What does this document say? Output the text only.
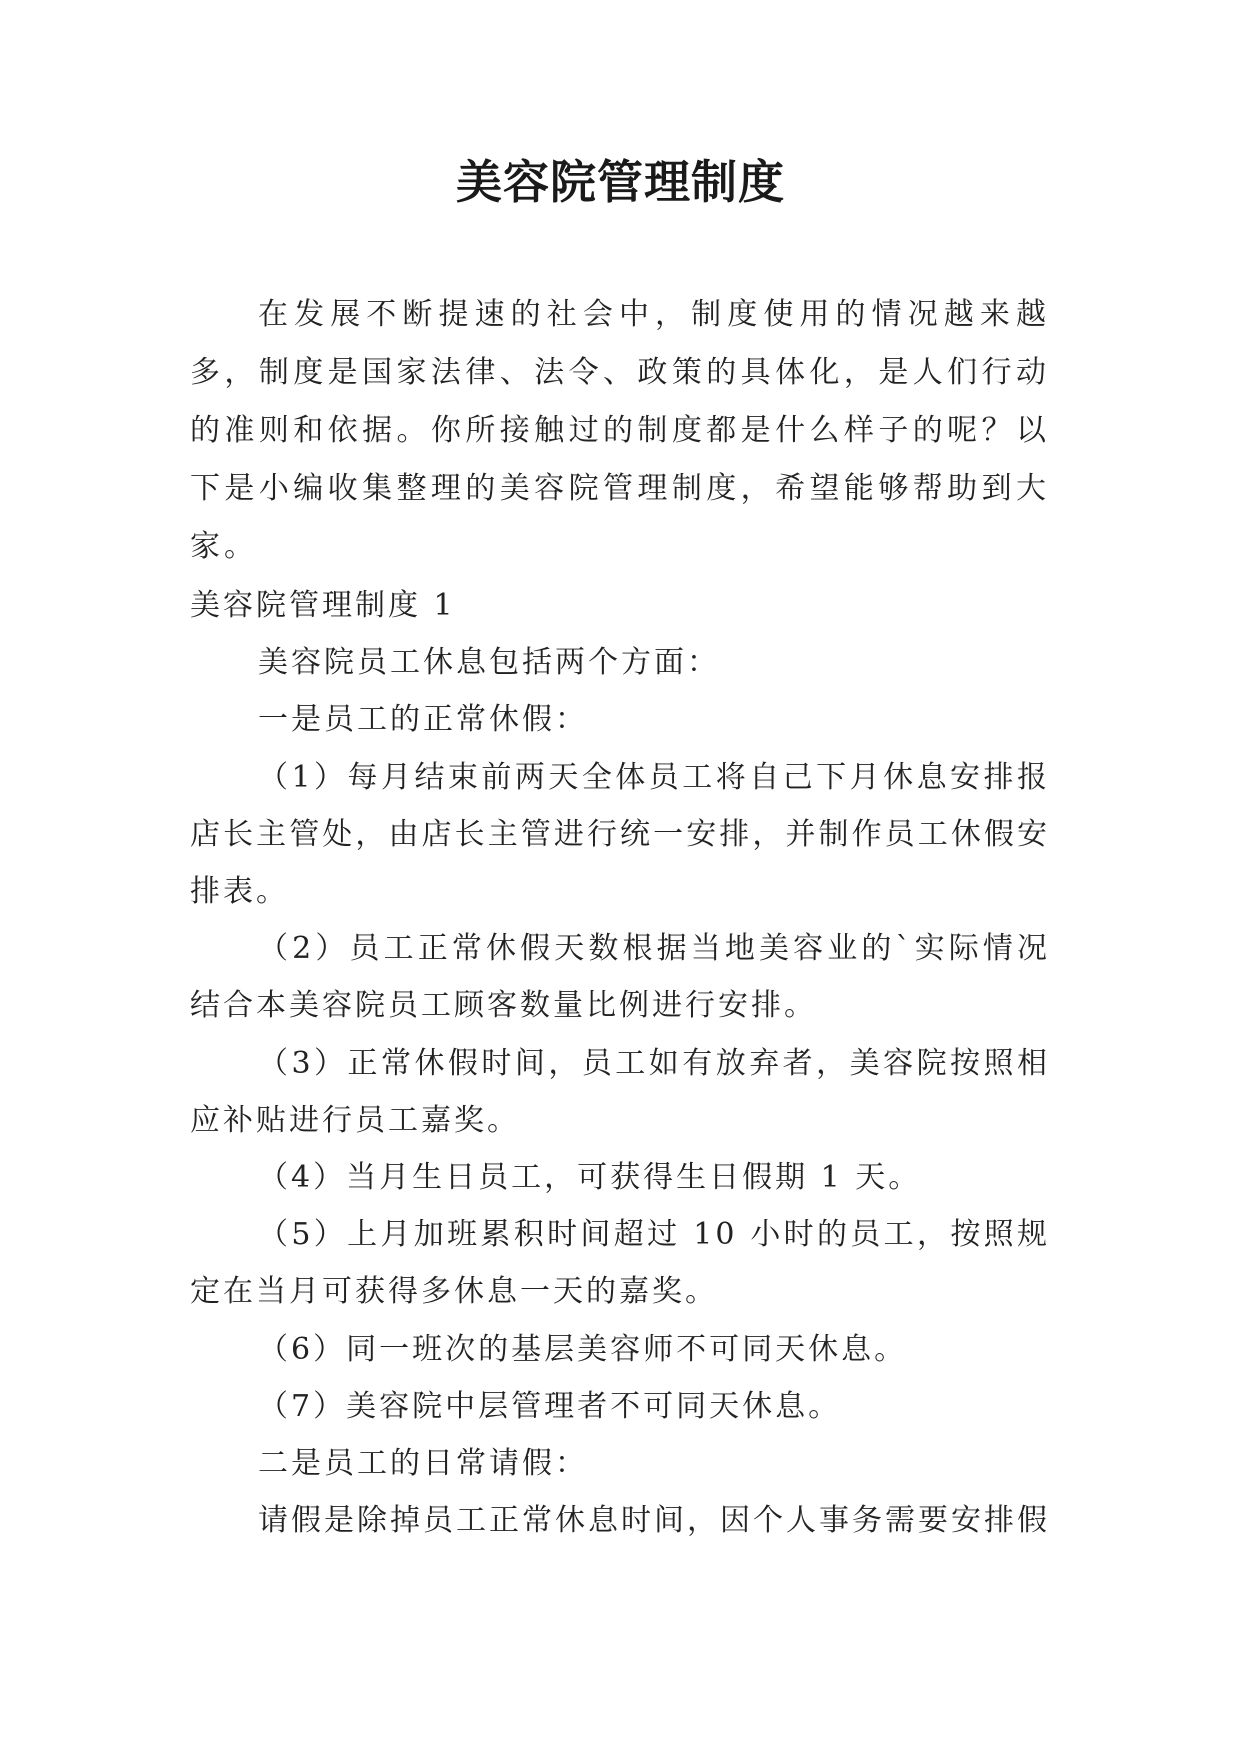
美容院管理制度

在发展不断提速的社会中，制度使用的情况越来越多，制度是国家法律、法令、政策的具体化，是人们行动的准则和依据。你所接触过的制度都是什么样子的呢？以下是小编收集整理的美容院管理制度，希望能够帮助到大家。

美容院管理制度 1

美容院员工休息包括两个方面：

一是员工的正常休假：

（1）每月结束前两天全体员工将自己下月休息安排报店长主管处，由店长主管进行统一安排，并制作员工休假安排表。

（2）员工正常休假天数根据当地美容业的`实际情况结合本美容院员工顾客数量比例进行安排。

（3）正常休假时间，员工如有放弃者，美容院按照相应补贴进行员工嘉奖。

（4）当月生日员工，可获得生日假期 1 天。

（5）上月加班累积时间超过 10 小时的员工，按照规定在当月可获得多休息一天的嘉奖。

（6）同一班次的基层美容师不可同天休息。

（7）美容院中层管理者不可同天休息。

二是员工的日常请假：

请假是除掉员工正常休息时间，因个人事务需要安排假
